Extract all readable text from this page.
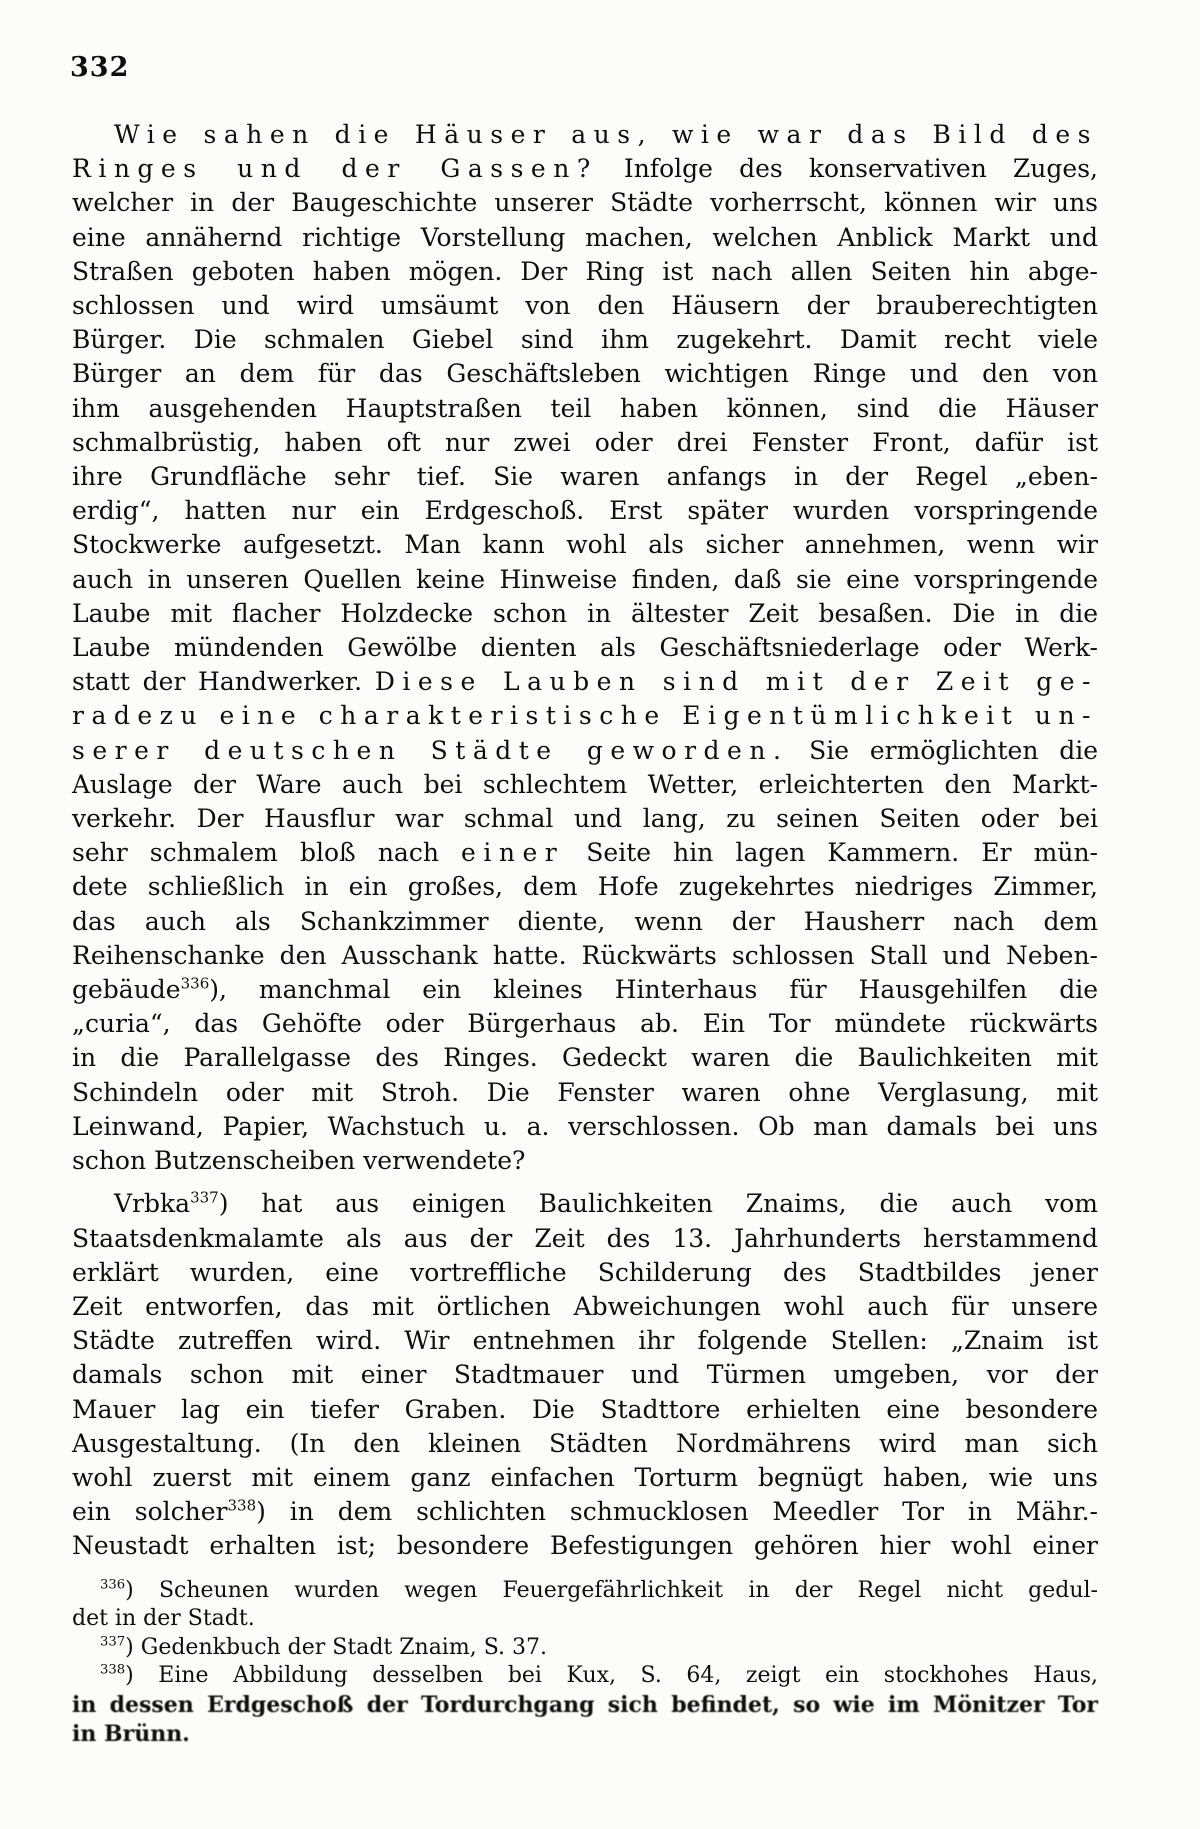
332
Wie sahen die Häuser aus, wie war das Bild des
Ringes und der Gassen? Infolge des konservativen Zuges,
welcher in der Baugeschichte unserer Städte vorherrscht, können wir uns
eine annähernd richtige Vorstellung machen, welchen Anblick Markt und
Straßen geboten haben mögen. Der Ring ist nach allen Seiten hin abge-
schlossen und wird umsäumt von den Häusern der brauberechtigten
Bürger. Die schmalen Giebel sind ihm zugekehrt. Damit recht viele
Bürger an dem für das Geschäftsleben wichtigen Ringe und den von
ihm ausgehenden Hauptstraßen teil haben können, sind die Häuser
schmalbrüstig, haben oft nur zwei oder drei Fenster Front, dafür ist
ihre Grundfläche sehr tief. Sie waren anfangs in der Regel „eben-
erdig“, hatten nur ein Erdgeschoß. Erst später wurden vorspringende
Stockwerke aufgesetzt. Man kann wohl als sicher annehmen, wenn wir
auch in unseren Quellen keine Hinweise finden, daß sie eine vorspringende
Laube mit flacher Holzdecke schon in ältester Zeit besaßen. Die in die
Laube mündenden Gewölbe dienten als Geschäftsniederlage oder Werk-
statt der Handwerker. Diese Lauben sind mit der Zeit ge-
radezu eine charakteristische Eigentümlichkeit un-
serer deutschen Städte geworden. Sie ermöglichten die
Auslage der Ware auch bei schlechtem Wetter, erleichterten den Markt-
verkehr. Der Hausflur war schmal und lang, zu seinen Seiten oder bei
sehr schmalem bloß nach einer Seite hin lagen Kammern. Er mün-
dete schließlich in ein großes, dem Hofe zugekehrtes niedriges Zimmer,
das auch als Schankzimmer diente, wenn der Hausherr nach dem
Reihenschanke den Ausschank hatte. Rückwärts schlossen Stall und Neben-
gebäude$^{336}$), manchmal ein kleines Hinterhaus für Hausgehilfen die
„curia“, das Gehöfte oder Bürgerhaus ab. Ein Tor mündete rückwärts
in die Parallelgasse des Ringes. Gedeckt waren die Baulichkeiten mit
Schindeln oder mit Stroh. Die Fenster waren ohne Verglasung, mit
Leinwand, Papier, Wachstuch u. a. verschlossen. Ob man damals bei uns
schon Butzenscheiben verwendete?
Vrbka$^{337}$) hat aus einigen Baulichkeiten Znaims, die auch vom
Staatsdenkmalamte als aus der Zeit des 13. Jahrhunderts herstammend
erklärt wurden, eine vortreffliche Schilderung des Stadtbildes jener
Zeit entworfen, das mit örtlichen Abweichungen wohl auch für unsere
Städte zutreffen wird. Wir entnehmen ihr folgende Stellen: „Znaim ist
damals schon mit einer Stadtmauer und Türmen umgeben, vor der
Mauer lag ein tiefer Graben. Die Stadttore erhielten eine besondere
Ausgestaltung. (In den kleinen Städten Nordmährens wird man sich
wohl zuerst mit einem ganz einfachen Torturm begnügt haben, wie uns
ein solcher$^{338}$) in dem schlichten schmucklosen Meedler Tor in Mähr.-
Neustadt erhalten ist; besondere Befestigungen gehören hier wohl einer
$^{336}$) Scheunen wurden wegen Feuergefährlichkeit in der Regel nicht gedul-
det in der Stadt.
$^{337}$) Gedenkbuch der Stadt Znaim, S. 37.
$^{338}$) Eine Abbildung desselben bei Kux, S. 64, zeigt ein stockhohes Haus,
in dessen Erdgeschoß der Tordurchgang sich befindet, so wie im Mönitzer Tor
in Brünn.
